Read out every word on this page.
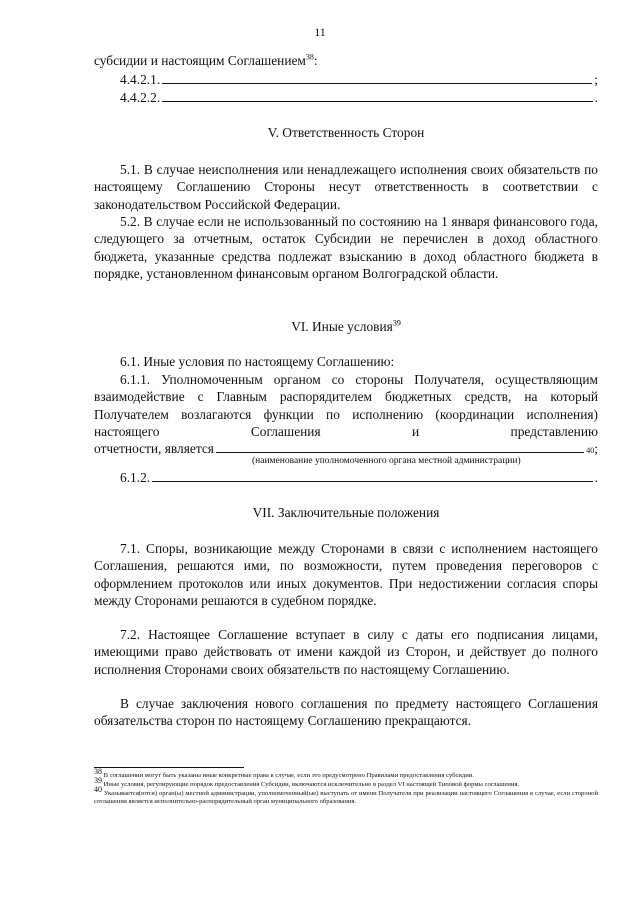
11
субсидии и настоящим Соглашением$^{38}$:
4.4.2.1.	;
4.4.2.2.	.
V. Ответственность Сторон

5.1. В случае неисполнения или ненадлежащего исполнения своих обязательств по настоящему Соглашению Стороны несут ответственность в соответствии с законодательством Российской Федерации.

5.2. В случае если не использованный по состоянию на 1 января финансового года, следующего за отчетным, остаток Субсидии не перечислен в доход областного бюджета, указанные средства подлежат взысканию в доход областного бюджета в порядке, установленном финансовым органом Волгоградской области.

VI. Иные условия$^{39}$

6.1. Иные условия по настоящему Соглашению:

6.1.1. Уполномоченным органом со стороны Получателя, осуществляющим взаимодействие с Главным распорядителем бюджетных средств, на который Получателем возлагаются функции по исполнению (координации исполнения) настоящего Соглашения и представлению

отчетности, является	40 ;
(наименование уполномоченного органа местной администрации)
6.1.2.	.
VII. Заключительные положения

7.1. Споры, возникающие между Сторонами в связи с исполнением настоящего Соглашения, решаются ими, по возможности, путем проведения переговоров с оформлением протоколов или иных документов. При недостижении согласия споры между Сторонами решаются в судебном порядке.

7.2. Настоящее Соглашение вступает в силу с даты его подписания лицами, имеющими право действовать от имени каждой из Сторон, и действует до полного исполнения Сторонами своих обязательств по настоящему Соглашению.

В случае заключения нового соглашения по предмету настоящего Соглашения обязательства сторон по настоящему Соглашению прекращаются.

$^{38}$ В соглашении могут быть указаны иные конкретные права в случае, если это предусмотрено Правилами предоставления субсидии.

$^{39}$ Иные условия, регулирующие порядок предоставления Субсидии, включаются исключительно в раздел VI настоящей Типовой формы соглашения.

$^{40}$ Указывается(ются) орган(ы) местной администрации, уполномоченный(ые) выступать от имени Получателя при реализации настоящего Соглашения в случае, если стороной соглашения является исполнительно-распорядительный орган муниципального образования.
